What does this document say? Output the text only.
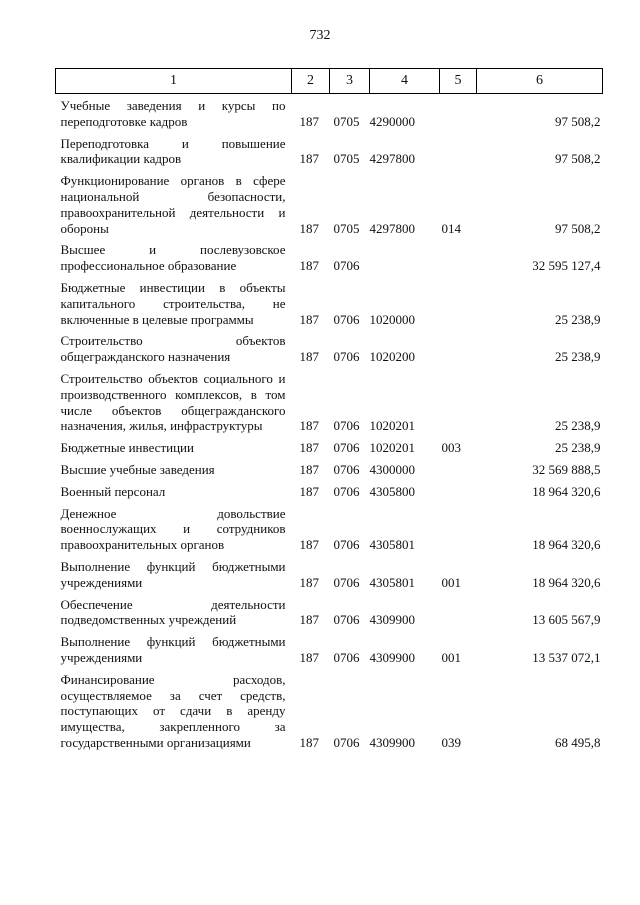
732
1	2	3	4	5	6
Учебные заведения и курсы по переподготовке кадров	187	0705	4290000		97 508,2
Переподготовка и повышение квалификации кадров	187	0705	4297800		97 508,2
Функционирование органов в сфере национальной безопасности, правоохранительной деятельности и обороны	187	0705	4297800	014	97 508,2
Высшее и послевузовское профессиональное образование	187	0706			32 595 127,4
Бюджетные инвестиции в объекты капитального строительства, не включенные в целевые программы	187	0706	1020000		25 238,9
Строительство объектов общегражданского назначения	187	0706	1020200		25 238,9
Строительство объектов социального и производственного комплексов, в том числе объектов общегражданского назначения, жилья, инфраструктуры	187	0706	1020201		25 238,9
Бюджетные инвестиции	187	0706	1020201	003	25 238,9
Высшие учебные заведения	187	0706	4300000		32 569 888,5
Военный персонал	187	0706	4305800		18 964 320,6
Денежное довольствие военнослужащих и сотрудников правоохранительных органов	187	0706	4305801		18 964 320,6
Выполнение функций бюджетными учреждениями	187	0706	4305801	001	18 964 320,6
Обеспечение деятельности подведомственных учреждений	187	0706	4309900		13 605 567,9
Выполнение функций бюджетными учреждениями	187	0706	4309900	001	13 537 072,1
Финансирование расходов, осуществляемое за счет средств, поступающих от сдачи в аренду имущества, закрепленного за государственными организациями	187	0706	4309900	039	68 495,8
